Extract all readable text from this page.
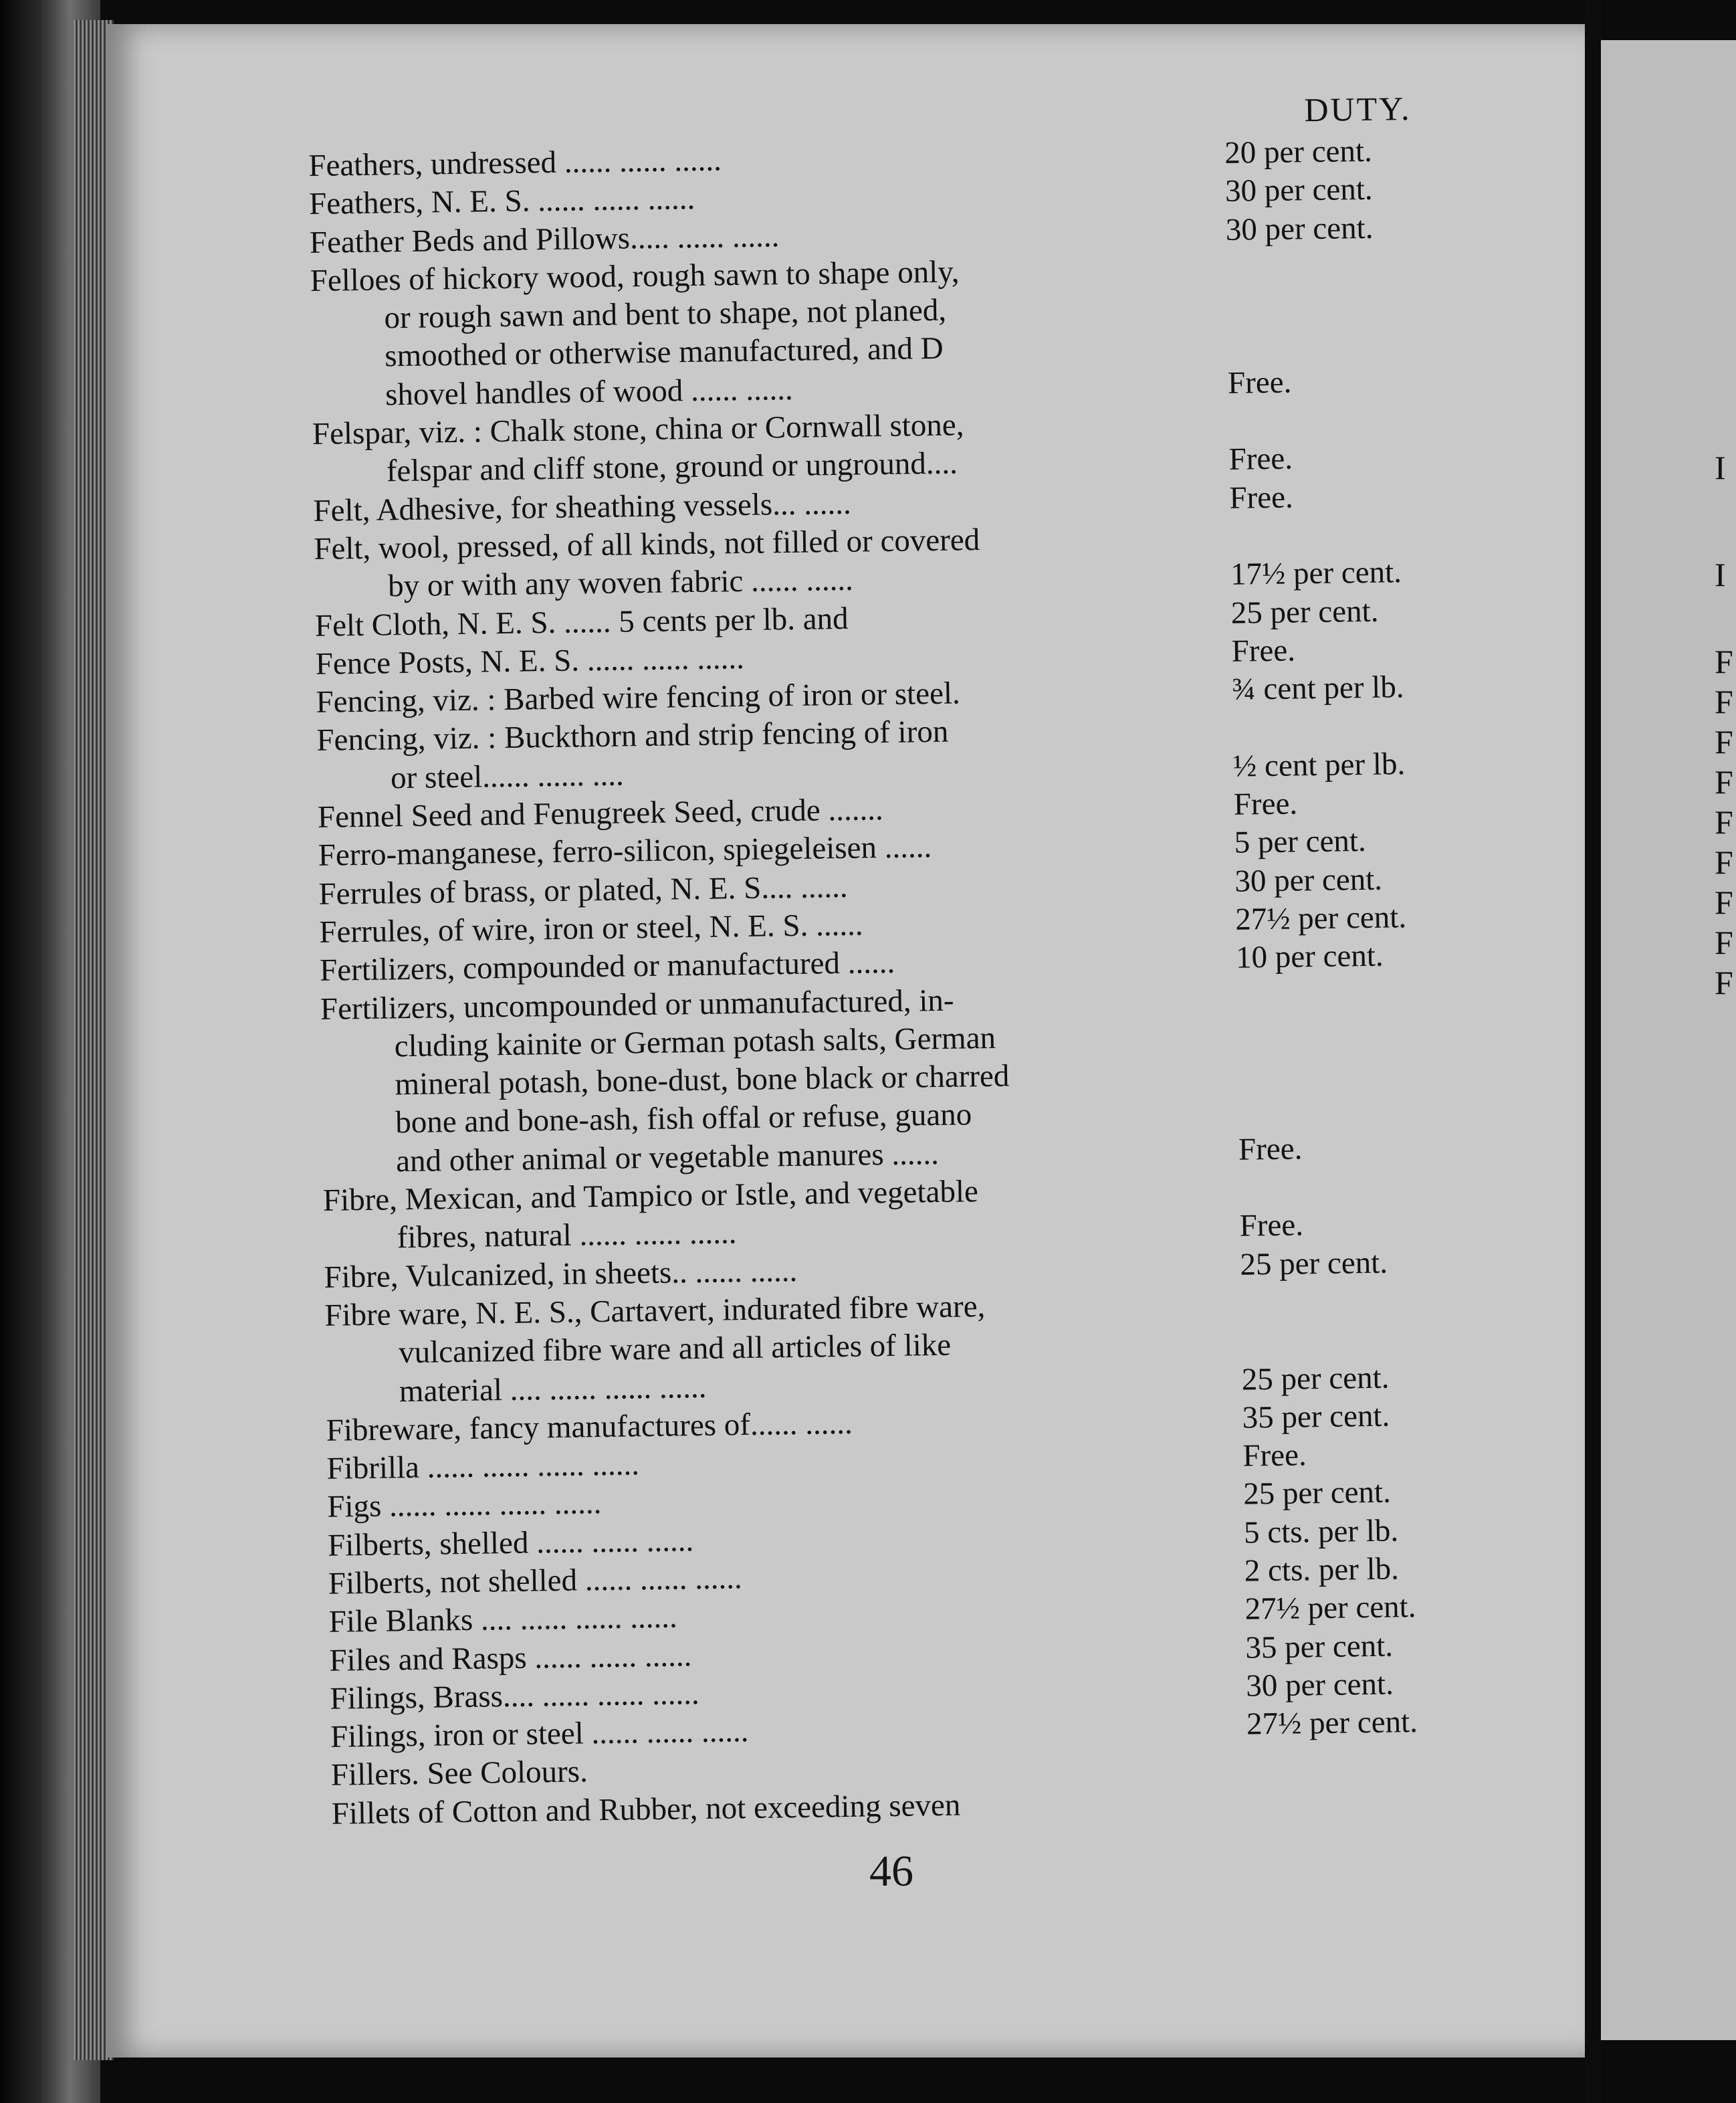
DUTY.
Feathers, undressed ...... ...... ......	20 per cent.
Feathers, N. E. S. ...... ...... ......	30 per cent.
Feather Beds and Pillows..... ...... ......	30 per cent.
Felloes of hickory wood, rough sawn to shape only,
or rough sawn and bent to shape, not planed,
smoothed or otherwise manufactured, and D
shovel handles of wood ...... ......	Free.
Felspar, viz. : Chalk stone, china or Cornwall stone,
felspar and cliff stone, ground or unground....	Free.
Felt, Adhesive, for sheathing vessels... ......	Free.
Felt, wool, pressed, of all kinds, not filled or covered
by or with any woven fabric ...... ......	17½ per cent.
Felt Cloth, N. E. S. ...... 5 cents per lb. and	25 per cent.
Fence Posts, N. E. S. ...... ...... ......	Free.
Fencing, viz. : Barbed wire fencing of iron or steel.	¾ cent per lb.
Fencing, viz. : Buckthorn and strip fencing of iron
or steel...... ...... ....	½ cent per lb.
Fennel Seed and Fenugreek Seed, crude .......	Free.
Ferro-manganese, ferro-silicon, spiegeleisen ......	5 per cent.
Ferrules of brass, or plated, N. E. S.... ......	30 per cent.
Ferrules, of wire, iron or steel, N. E. S. ......	27½ per cent.
Fertilizers, compounded or manufactured ......	10 per cent.
Fertilizers, uncompounded or unmanufactured, in-
cluding kainite or German potash salts, German
mineral potash, bone-dust, bone black or charred
bone and bone-ash, fish offal or refuse, guano
and other animal or vegetable manures ......	Free.
Fibre, Mexican, and Tampico or Istle, and vegetable
fibres, natural ...... ...... ......	Free.
Fibre, Vulcanized, in sheets.. ...... ......	25 per cent.
Fibre ware, N. E. S., Cartavert, indurated fibre ware,
vulcanized fibre ware and all articles of like
material .... ...... ...... ......	25 per cent.
Fibreware, fancy manufactures of...... ......	35 per cent.
Fibrilla ...... ...... ...... ......	Free.
Figs ...... ...... ...... ......	25 per cent.
Filberts, shelled ...... ...... ......	5 cts. per lb.
Filberts, not shelled ...... ...... ......	2 cts. per lb.
File Blanks .... ...... ...... ......	27½ per cent.
Files and Rasps ...... ...... ......	35 per cent.
Filings, Brass.... ...... ...... ......	30 per cent.
Filings, iron or steel ...... ...... ......	27½ per cent.
Fillers. See Colours.
Fillets of Cotton and Rubber, not exceeding seven
46
I
I
F
F
F
F
F
F
F
F
F
